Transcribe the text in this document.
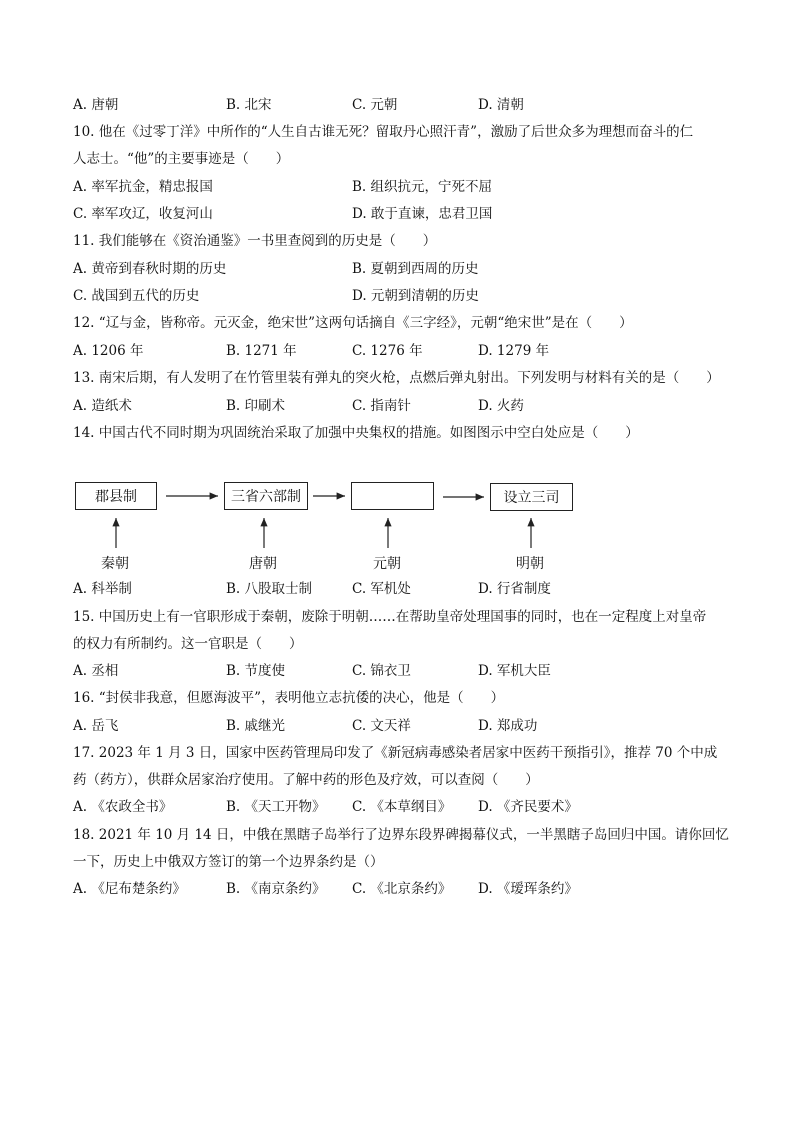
A. 唐朝	B. 北宋	C. 元朝	D. 清朝
10. 他在《过零丁洋》中所作的“人生自古谁无死？留取丹心照汗青”，激励了后世众多为理想而奋斗的仁
人志士。“他”的主要事迹是（　　）
A. 率军抗金，精忠报国	B. 组织抗元，宁死不屈
C. 率军攻辽，收复河山	D. 敢于直谏，忠君卫国
11. 我们能够在《资治通鉴》一书里查阅到的历史是（　　）
A. 黄帝到春秋时期的历史	B. 夏朝到西周的历史
C. 战国到五代的历史	D. 元朝到清朝的历史
12. “辽与金，皆称帝。元灭金，绝宋世”这两句话摘自《三字经》，元朝“绝宋世”是在（　　）
A. 1206 年	B. 1271 年	C. 1276 年	D. 1279 年
13. 南宋后期，有人发明了在竹管里装有弹丸的突火枪，点燃后弹丸射出。下列发明与材料有关的是（　　）
A. 造纸术	B. 印刷术	C. 指南针	D. 火药
14. 中国古代不同时期为巩固统治采取了加强中央集权的措施。如图图示中空白处应是（　　）
郡县制	三省六部制	设立三司
秦朝	唐朝	元朝	明朝
A. 科举制	B. 八股取士制	C. 军机处	D. 行省制度
15. 中国历史上有一官职形成于秦朝，废除于明朝……在帮助皇帝处理国事的同时，也在一定程度上对皇帝
的权力有所制约。这一官职是（　　）
A. 丞相	B. 节度使	C. 锦衣卫	D. 军机大臣
16. “封侯非我意，但愿海波平”，表明他立志抗倭的决心，他是（　　）
A. 岳飞	B. 戚继光	C. 文天祥	D. 郑成功
17. 2023 年 1 月 3 日，国家中医药管理局印发了《新冠病毒感染者居家中医药干预指引》，推荐 70 个中成
药（药方），供群众居家治疗使用。了解中药的形色及疗效，可以查阅（　　）
A. 《农政全书》	B. 《天工开物》 C. 《本草纲目》 D. 《齐民要术》
18. 2021 年 10 月 14 日，中俄在黑瞎子岛举行了边界东段界碑揭幕仪式，一半黑瞎子岛回归中国。请你回忆
一下，历史上中俄双方签订的第一个边界条约是（）
A. 《尼布楚条约》	B. 《南京条约》 C. 《北京条约》 D. 《瑷珲条约》
